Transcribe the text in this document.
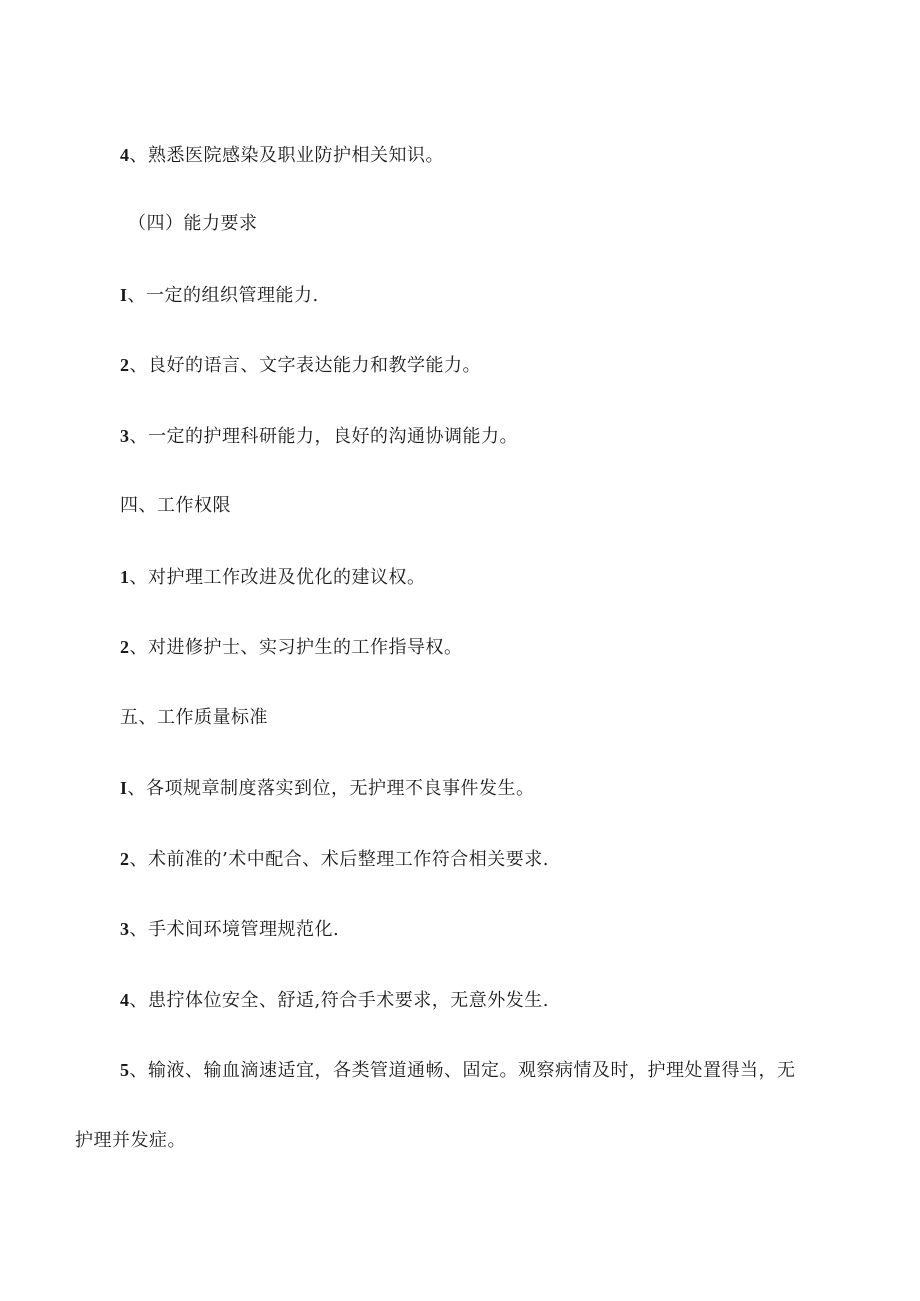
4、熟悉医院感染及职业防护相关知识。
（四）能力要求
I、一定的组织管理能力.
2、良好的语言、文字表达能力和教学能力。
3、一定的护理科研能力，良好的沟通协调能力。
四、工作权限
1、对护理工作改进及优化的建议权。
2、对进修护士、实习护生的工作指导权。
五、工作质量标准
I、各项规章制度落实到位，无护理不良事件发生。
2、术前准的’术中配合、术后整理工作符合相关要求.
3、手术间环境管理规范化.
4、患拧体位安全、舒适,符合手术要求，无意外发生.
5、输液、输血滴速适宜，各类管道通畅、固定。观察病情及时，护理处置得当，无
护理并发症。
